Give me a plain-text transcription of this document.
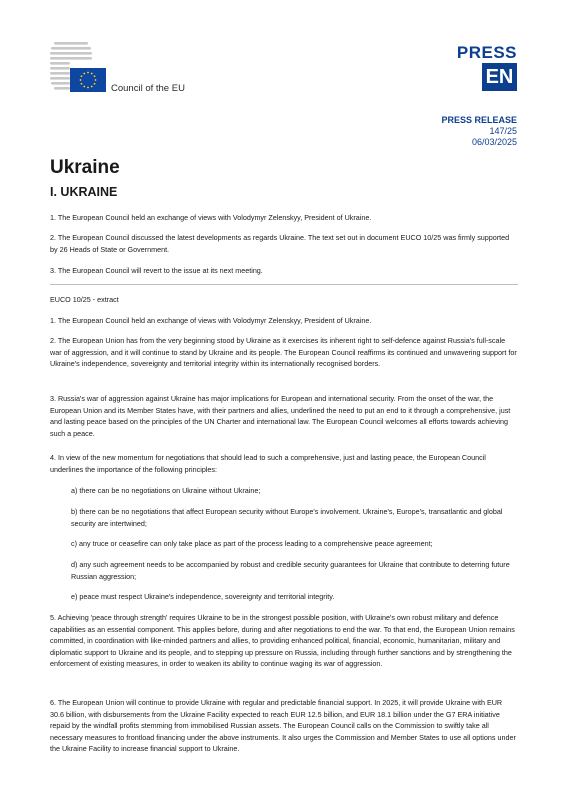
Council of the EU
PRESS
EN
PRESS RELEASE
147/25
06/03/2025
Ukraine
I. UKRAINE

1. The European Council held an exchange of views with Volodymyr Zelenskyy, President of Ukraine.

2. The European Council discussed the latest developments as regards Ukraine. The text set out in document EUCO 10/25 was firmly supported by 26 Heads of State or Government.

3. The European Council will revert to the issue at its next meeting.

EUCO 10/25 - extract

1. The European Council held an exchange of views with Volodymyr Zelenskyy, President of Ukraine.

2. The European Union has from the very beginning stood by Ukraine as it exercises its inherent right to self-defence against Russia's full-scale war of aggression, and it will continue to stand by Ukraine and its people. The European Council reaffirms its continued and unwavering support for Ukraine's independence, sovereignty and territorial integrity within its internationally recognised borders.

3. Russia's war of aggression against Ukraine has major implications for European and international security. From the onset of the war, the European Union and its Member States have, with their partners and allies, underlined the need to put an end to it through a comprehensive, just and lasting peace based on the principles of the UN Charter and international law. The European Council welcomes all efforts towards achieving such a peace.

4. In view of the new momentum for negotiations that should lead to such a comprehensive, just and lasting peace, the European Council underlines the importance of the following principles:

a) there can be no negotiations on Ukraine without Ukraine;

b) there can be no negotiations that affect European security without Europe's involvement. Ukraine's, Europe's, transatlantic and global security are intertwined;

c) any truce or ceasefire can only take place as part of the process leading to a comprehensive peace agreement;

d) any such agreement needs to be accompanied by robust and credible security guarantees for Ukraine that contribute to deterring future Russian aggression;

e) peace must respect Ukraine's independence, sovereignty and territorial integrity.

5. Achieving 'peace through strength' requires Ukraine to be in the strongest possible position, with Ukraine's own robust military and defence capabilities as an essential component. This applies before, during and after negotiations to end the war. To that end, the European Union remains committed, in coordination with like-minded partners and allies, to providing enhanced political, financial, economic, humanitarian, military and diplomatic support to Ukraine and its people, and to stepping up pressure on Russia, including through further sanctions and by strengthening the enforcement of existing measures, in order to weaken its ability to continue waging its war of aggression.

6. The European Union will continue to provide Ukraine with regular and predictable financial support. In 2025, it will provide Ukraine with EUR 30.6 billion, with disbursements from the Ukraine Facility expected to reach EUR 12.5 billion, and EUR 18.1 billion under the G7 ERA initiative repaid by the windfall profits stemming from immobilised Russian assets. The European Council calls on the Commission to swiftly take all necessary measures to frontload financing under the above instruments. It also urges the Commission and Member States to use all options under the Ukraine Facility to increase financial support to Ukraine.
